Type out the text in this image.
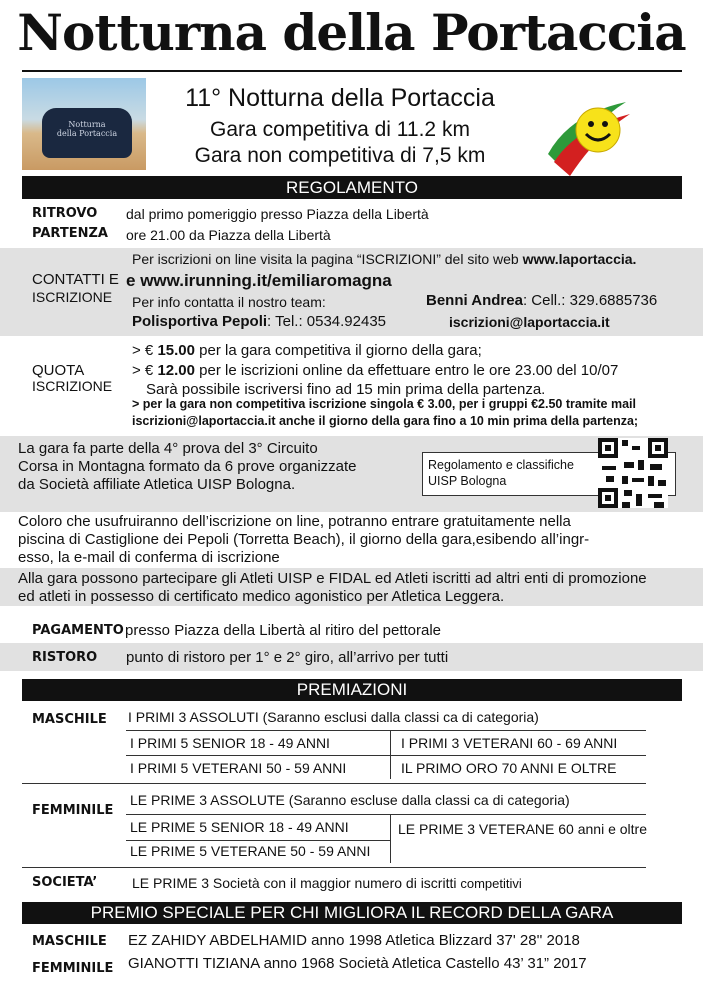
Notturna della Portaccia
Notturna
della Portaccia
11° Notturna della Portaccia
Gara competitiva di 11.2 km
Gara non competitiva di 7,5 km
REGOLAMENTO
RITROVO dal primo pomeriggio presso Piazza della Libertà
PARTENZA ore 21.00 da Piazza della Libertà
CONTATTI E
ISCRIZIONE
Per iscrizioni on line visita la pagina “ISCRIZIONI” del sito web www.laportaccia.
e www.irunning.it/emiliaromagna
Per info contatta il nostro team:	Benni Andrea: Cell.: 329.6885736
Polisportiva Pepoli: Tel.: 0534.92435	iscrizioni@laportaccia.it
QUOTA
ISCRIZIONE
> € 15.00 per la gara competitiva il giorno della gara;
> € 12.00 per le iscrizioni online da effettuare entro le ore 23.00 del 10/07
Sarà possibile iscriversi fino ad 15 min prima della partenza.
> per la gara non competitiva iscrizione singola € 3.00, per i gruppi €2.50 tramite mail
iscrizioni@laportaccia.it anche il giorno della gara fino a 10 min prima della partenza;
La gara fa parte della 4° prova del 3° Circuito
Corsa in Montagna formato da 6 prove organizzate
da Società affiliate Atletica UISP Bologna.
Regolamento e classifiche
UISP Bologna
Coloro che usufruiranno dell’iscrizione on line, potranno entrare gratuitamente nella
piscina di Castiglione dei Pepoli (Torretta Beach), il giorno della gara,esibendo all’ingr-
esso, la e-mail di conferma di iscrizione
Alla gara possono partecipare gli Atleti UISP e FIDAL ed Atleti iscritti ad altri enti di promozione
ed atleti in possesso di certificato medico agonistico per Atletica Leggera.
PAGAMENTO presso Piazza della Libertà al ritiro del pettorale
RISTORO punto di ristoro per 1° e 2° giro, all’arrivo per tutti
PREMIAZIONI
MASCHILE I PRIMI 3 ASSOLUTI (Saranno esclusi dalla classi ca di categoria)
I PRIMI 5 SENIOR 18 - 49 ANNI	I PRIMI 3 VETERANI 60 - 69 ANNI
I PRIMI 5 VETERANI 50 - 59 ANNI	IL PRIMO ORO 70 ANNI E OLTRE
FEMMINILE
LE PRIME 3 ASSOLUTE (Saranno escluse dalla classi ca di categoria)
LE PRIME 5 SENIOR 18 - 49 ANNI	LE PRIME 3 VETERANE 60 anni e oltre
LE PRIME 5 VETERANE 50 - 59 ANNI
SOCIETA’ LE PRIME 3 Società con il maggior numero di iscritti competitivi
PREMIO SPECIALE PER CHI MIGLIORA IL RECORD DELLA GARA
MASCHILE EZ ZAHIDY ABDELHAMID anno 1998 Atletica Blizzard 37' 28'' 2018
FEMMINILE GIANOTTI TIZIANA anno 1968 Società Atletica Castello 43’ 31” 2017
